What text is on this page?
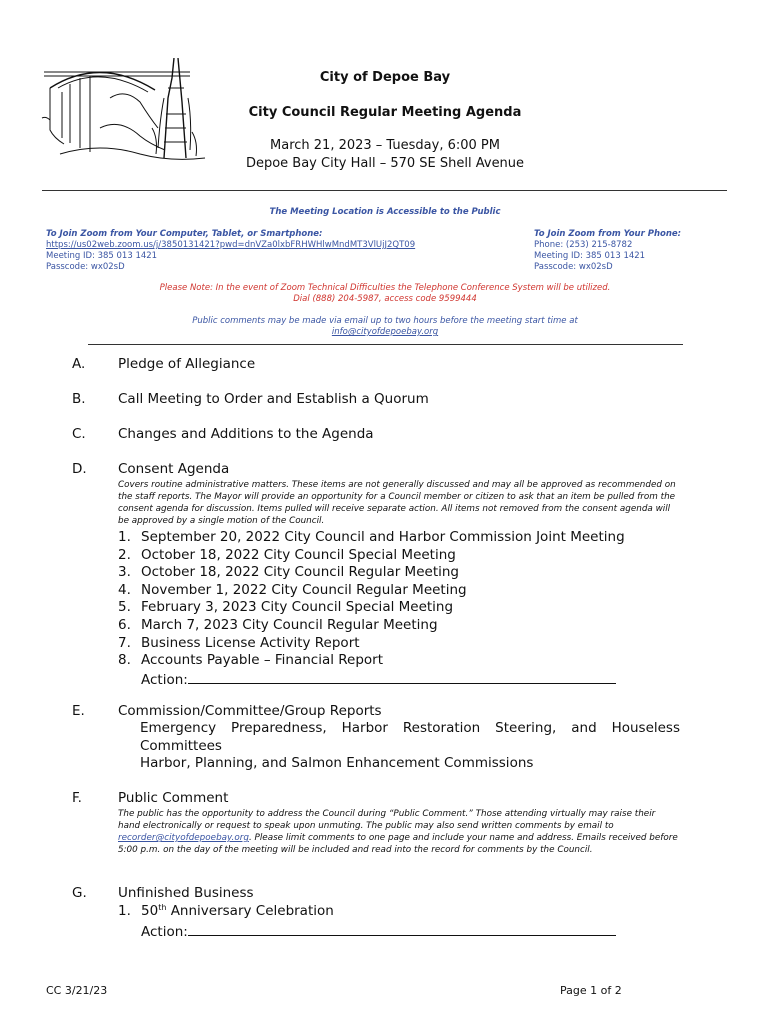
City of Depoe Bay

City Council Regular Meeting Agenda

March 21, 2023 – Tuesday, 6:00 PM

Depoe Bay City Hall – 570 SE Shell Avenue

The Meeting Location is Accessible to the Public
To Join Zoom from Your Computer, Tablet, or Smartphone:
https://us02web.zoom.us/j/3850131421?pwd=dnVZa0lxbFRHWHlwMndMT3VlUjJ2QT09
Meeting ID: 385 013 1421
Passcode: wx02sD
To Join Zoom from Your Phone:
Phone: (253) 215-8782
Meeting ID: 385 013 1421
Passcode: wx02sD
Please Note: In the event of Zoom Technical Difficulties the Telephone Conference System will be utilized.
Dial (888) 204-5987, access code 9599444
Public comments may be made via email up to two hours before the meeting start time at
info@cityofdepoebay.org
A. Pledge of Allegiance
B. Call Meeting to Order and Establish a Quorum
C. Changes and Additions to the Agenda
D. Consent Agenda
Covers routine administrative matters. These items are not generally discussed and may all be approved as recommended on the staff reports. The Mayor will provide an opportunity for a Council member or citizen to ask that an item be pulled from the consent agenda for discussion. Items pulled will receive separate action. All items not removed from the consent agenda will be approved by a single motion of the Council.
1. September 20, 2022 City Council and Harbor Commission Joint Meeting
2. October 18, 2022 City Council Special Meeting
3. October 18, 2022 City Council Regular Meeting
4. November 1, 2022 City Council Regular Meeting
5. February 3, 2023 City Council Special Meeting
6. March 7, 2023 City Council Regular Meeting
7. Business License Activity Report
8. Accounts Payable – Financial Report
Action:
E. Commission/Committee/Group Reports
Emergency Preparedness, Harbor Restoration Steering, and Houseless
Committees
Harbor, Planning, and Salmon Enhancement Commissions
F.	Public Comment
The public has the opportunity to address the Council during “Public Comment.” Those attending virtually may raise their hand electronically or request to speak upon unmuting. The public may also send written comments by email to recorder@cityofdepoebay.org. Please limit comments to one page and include your name and address. Emails received before 5:00 p.m. on the day of the meeting will be included and read into the record for comments by the Council.
G. Unfinished Business
1. 50 th Anniversary Celebration
Action:
CC 3/21/23	Page 1 of 2
